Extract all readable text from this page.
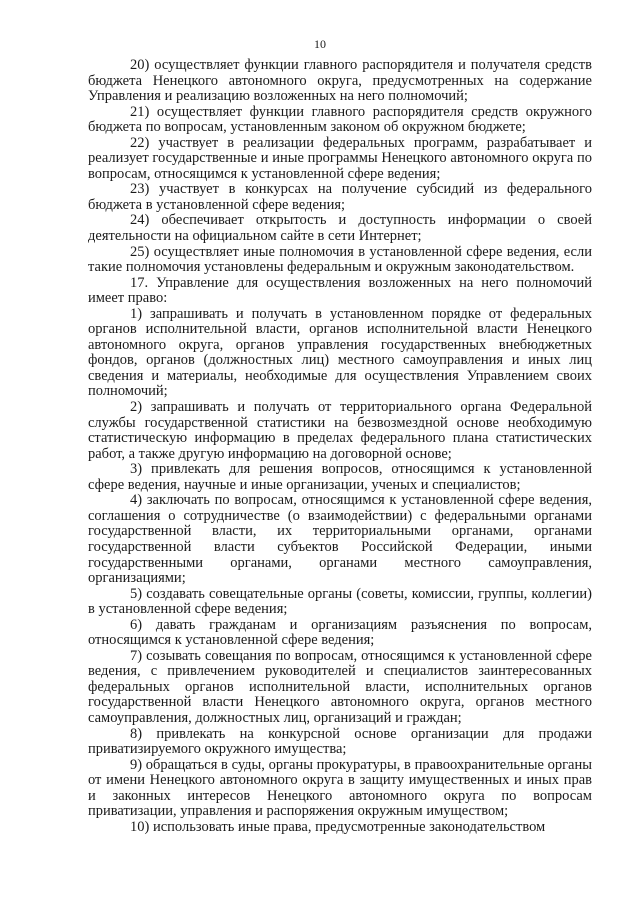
10

20) осуществляет функции главного распорядителя и получателя средств бюджета Ненецкого автономного округа, предусмотренных на содержание Управления и реализацию возложенных на него полномочий;

21) осуществляет функции главного распорядителя средств окружного бюджета по вопросам, установленным законом об окружном бюджете;

22) участвует в реализации федеральных программ, разрабатывает и реализует государственные и иные программы Ненецкого автономного округа по вопросам, относящимся к установленной сфере ведения;

23) участвует в конкурсах на получение субсидий из федерального бюджета в установленной сфере ведения;

24) обеспечивает открытость и доступность информации о своей деятельности на официальном сайте в сети Интернет;

25) осуществляет иные полномочия в установленной сфере ведения, если такие полномочия установлены федеральным и окружным законодательством.

17. Управление для осуществления возложенных на него полномочий имеет право:

1) запрашивать и получать в установленном порядке от федеральных органов исполнительной власти, органов исполнительной власти Ненецкого автономного округа, органов управления государственных внебюджетных фондов, органов (должностных лиц) местного самоуправления и иных лиц сведения и материалы, необходимые для осуществления Управлением своих полномочий;

2) запрашивать и получать от территориального органа Федеральной службы государственной статистики на безвозмездной основе необходимую статистическую информацию в пределах федерального плана статистических работ, а также другую информацию на договорной основе;

3) привлекать для решения вопросов, относящимся к установленной сфере ведения, научные и иные организации, ученых и специалистов;

4) заключать по вопросам, относящимся к установленной сфере ведения, соглашения о сотрудничестве (о взаимодействии) с федеральными органами государственной власти, их территориальными органами, органами государственной власти субъектов Российской Федерации, иными государственными органами, органами местного самоуправления, организациями;

5) создавать совещательные органы (советы, комиссии, группы, коллегии) в установленной сфере ведения;

6) давать гражданам и организациям разъяснения по вопросам, относящимся к установленной сфере ведения;

7) созывать совещания по вопросам, относящимся к установленной сфере ведения, с привлечением руководителей и специалистов заинтересованных федеральных органов исполнительной власти, исполнительных органов государственной власти Ненецкого автономного округа, органов местного самоуправления, должностных лиц, организаций и граждан;

8) привлекать на конкурсной основе организации для продажи приватизируемого окружного имущества;

9) обращаться в суды, органы прокуратуры, в правоохранительные органы от имени Ненецкого автономного округа в защиту имущественных и иных прав и законных интересов Ненецкого автономного округа по вопросам приватизации, управления и распоряжения окружным имуществом;

10) использовать иные права, предусмотренные законодательством
